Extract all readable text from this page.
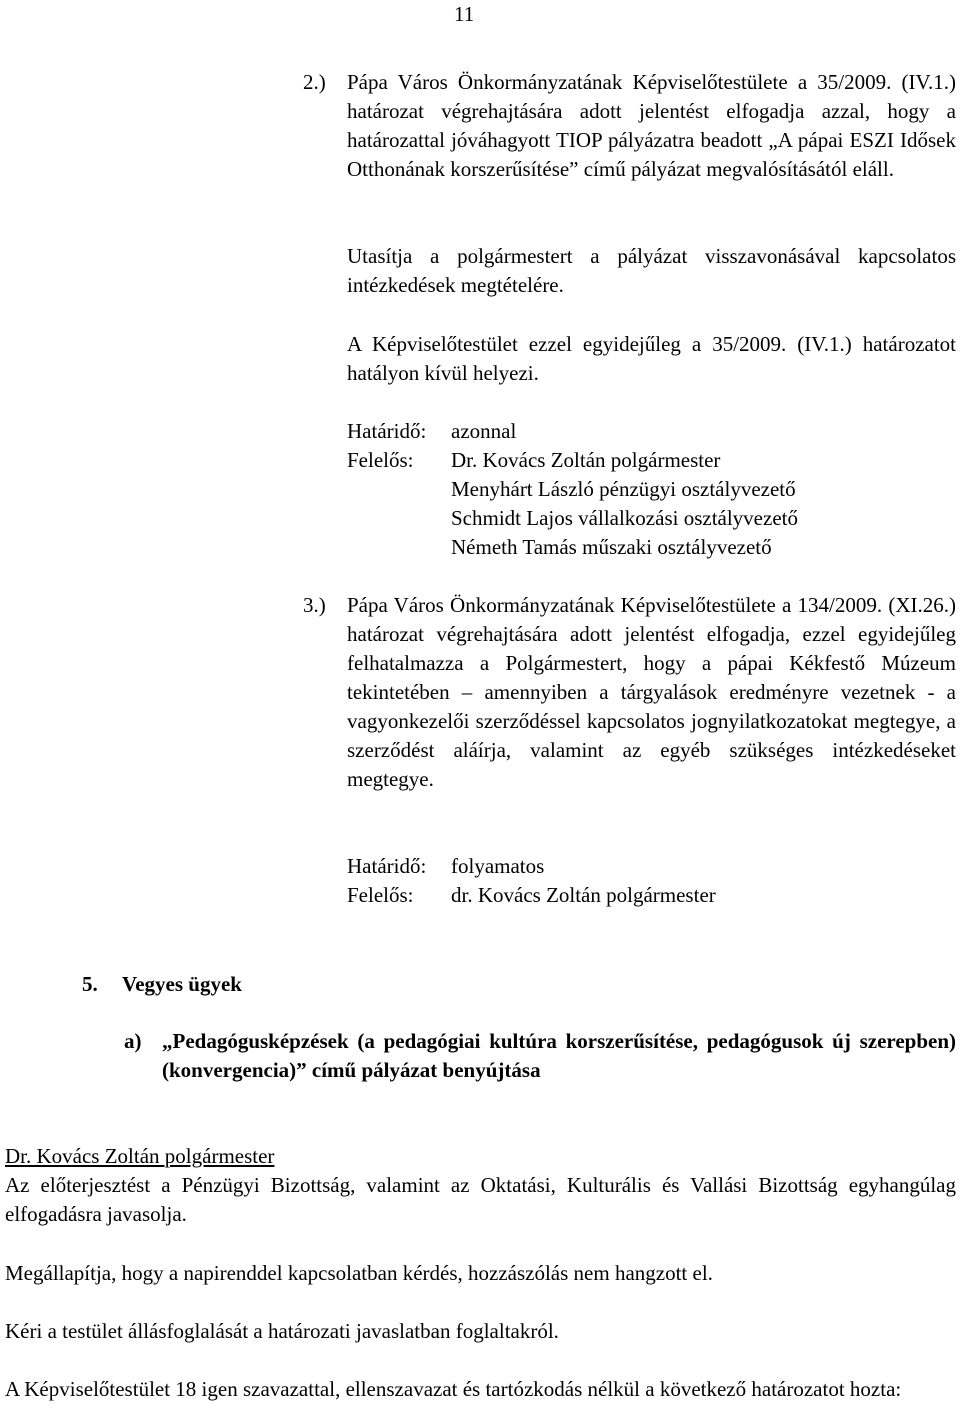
11
2.) Pápa Város Önkormányzatának Képviselőtestülete a 35/2009. (IV.1.) határozat végrehajtására adott jelentést elfogadja azzal, hogy a határozattal jóváhagyott TIOP pályázatra beadott „A pápai ESZI Idősek Otthonának korszerűsítése” című pályázat megvalósításától eláll.
Utasítja a polgármestert a pályázat visszavonásával kapcsolatos intézkedések megtételére.
A Képviselőtestület ezzel egyidejűleg a 35/2009. (IV.1.) határozatot hatályon kívül helyezi.
Határidő:	azonnal
Felelős:	Dr. Kovács Zoltán polgármester
Menyhárt László pénzügyi osztályvezető
Schmidt Lajos vállalkozási osztályvezető
Németh Tamás műszaki osztályvezető
3.) Pápa Város Önkormányzatának Képviselőtestülete a 134/2009. (XI.26.) határozat végrehajtására adott jelentést elfogadja, ezzel egyidejűleg felhatalmazza a Polgármestert, hogy a pápai Kékfestő Múzeum tekintetében – amennyiben a tárgyalások eredményre vezetnek - a vagyonkezelői szerződéssel kapcsolatos jognyilatkozatokat megtegye, a szerződést aláírja, valamint az egyéb szükséges intézkedéseket megtegye.
Határidő:	folyamatos
Felelős:	dr. Kovács Zoltán polgármester
5. Vegyes ügyek
a) „Pedagógusképzések (a pedagógiai kultúra korszerűsítése, pedagógusok új szerepben) (konvergencia)” című pályázat benyújtása
Dr. Kovács Zoltán polgármester
Az előterjesztést a Pénzügyi Bizottság, valamint az Oktatási, Kulturális és Vallási Bizottság egyhangúlag elfogadásra javasolja.
Megállapítja, hogy a napirenddel kapcsolatban kérdés, hozzászólás nem hangzott el.
Kéri a testület állásfoglalását a határozati javaslatban foglaltakról.
A Képviselőtestület 18 igen szavazattal, ellenszavazat és tartózkodás nélkül a következő határozatot hozta:
